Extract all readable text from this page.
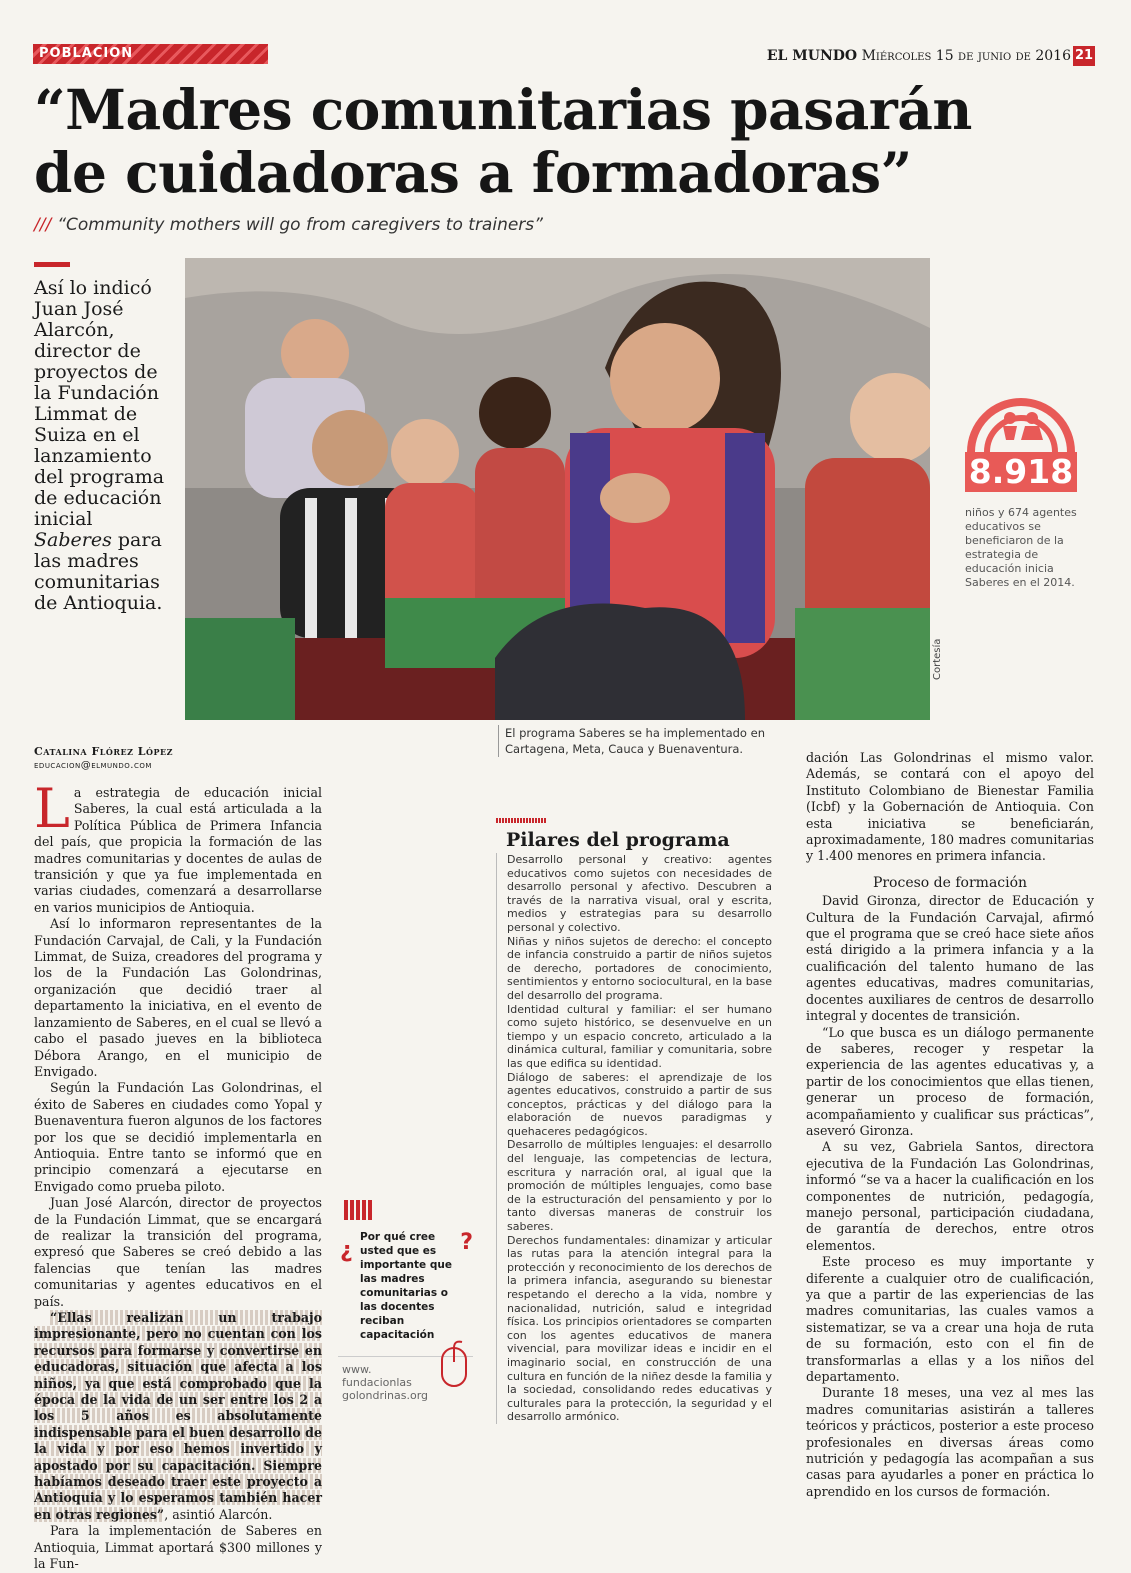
POBLACION	EL MUNDO Miércoles 15 de junio de 2016 21
“Madres comunitarias pasarán
de cuidadoras a formadoras”
/// “Community mothers will go from caregivers to trainers”
Así lo indicó Juan José Alarcón, director de proyectos de la Fundación Limmat de Suiza en el lanzamiento del programa de educación inicial Saberes para las madres comunitarias de Antioquia.
Cortesía
El programa Saberes se ha implementado en Cartagena, Meta, Cauca y Buenaventura.
8.918
niños y 674 agentes educativos se beneficiaron de la estrategia de educación inicia Saberes en el 2014.
Catalina Flórez López
educacion@elmundo.com

La estrategia de educación inicial Saberes, la cual está articulada a la Política Pública de Primera Infancia del país, que propicia la formación de las madres comunitarias y docentes de aulas de transición y que ya fue implementada en varias ciudades, comenzará a desarrollarse en varios municipios de Antioquia.

Así lo informaron representantes de la Fundación Carvajal, de Cali, y la Fundación Limmat, de Suiza, creadores del programa y los de la Fundación Las Golondrinas, organización que decidió traer al departamento la iniciativa, en el evento de lanzamiento de Saberes, en el cual se llevó a cabo el pasado jueves en la biblioteca Débora Arango, en el municipio de Envigado.

Según la Fundación Las Golondrinas, el éxito de Saberes en ciudades como Yopal y Buenaventura fueron algunos de los factores por los que se decidió implementarla en Antioquia. Entre tanto se informó que en principio comenzará a ejecutarse en Envigado como prueba piloto.

Juan José Alarcón, director de proyectos de la Fundación Limmat, que se encargará de realizar la transición del programa, expresó que Saberes se creó debido a las falencias que tenían las madres comunitarias y agentes educativos en el país.

“Ellas realizan un trabajo impresionante, pero no cuentan con los recursos para formarse y convertirse en educadoras, situación que afecta a los niños, ya que está comprobado que la época de la vida de un ser entre los 2 a los 5 años es absolutamente indispensable para el buen desarrollo de la vida y por eso hemos invertido y apostado por su capacitación. Siempre habíamos deseado traer este proyecto a Antioquia y lo esperamos también hacer en otras regiones”, asintió Alarcón.

Para la implementación de Saberes en Antioquia, Limmat aportará $300 millones y la Fun-

Pilares del programa

Desarrollo personal y creativo: agentes educativos como sujetos con necesidades de desarrollo personal y afectivo. Descubren a través de la narrativa visual, oral y escrita, medios y estrategias para su desarrollo personal y colectivo.

Niñas y niños sujetos de derecho: el concepto de infancia construido a partir de niños sujetos de derecho, portadores de conocimiento, sentimientos y entorno sociocultural, en la base del desarrollo del programa.

Identidad cultural y familiar: el ser humano como sujeto histórico, se desenvuelve en un tiempo y un espacio concreto, articulado a la dinámica cultural, familiar y comunitaria, sobre las que edifica su identidad.

Diálogo de saberes: el aprendizaje de los agentes educativos, construido a partir de sus conceptos, prácticas y del diálogo para la elaboración de nuevos paradigmas y quehaceres pedagógicos.

Desarrollo de múltiples lenguajes: el desarrollo del lenguaje, las competencias de lectura, escritura y narración oral, al igual que la promoción de múltiples lenguajes, como base de la estructuración del pensamiento y por lo tanto diversas maneras de construir los saberes.

Derechos fundamentales: dinamizar y articular las rutas para la atención integral para la protección y reconocimiento de los derechos de la primera infancia, asegurando su bienestar respetando el derecho a la vida, nombre y nacionalidad, nutrición, salud e integridad física. Los principios orientadores se comparten con los agentes educativos de manera vivencial, para movilizar ideas e incidir en el imaginario social, en construcción de una cultura en función de la niñez desde la familia y la sociedad, consolidando redes educativas y culturales para la protección, la seguridad y el desarrollo armónico.

¿
Por qué cree usted que es importante que las madres comunitarias o las docentes reciban capacitación
?
www.
fundacionlas
golondrinas.org

dación Las Golondrinas el mismo valor. Además, se contará con el apoyo del Instituto Colombiano de Bienestar Familia (Icbf) y la Gobernación de Antioquia. Con esta iniciativa se beneficiarán, aproximadamente, 180 madres comunitarias y 1.400 menores en primera infancia.

Proceso de formación

David Gironza, director de Educación y Cultura de la Fundación Carvajal, afirmó que el programa que se creó hace siete años está dirigido a la primera infancia y a la cualificación del talento humano de las agentes educativas, madres comunitarias, docentes auxiliares de centros de desarrollo integral y docentes de transición.

“Lo que busca es un diálogo permanente de saberes, recoger y respetar la experiencia de las agentes educativas y, a partir de los conocimientos que ellas tienen, generar un proceso de formación, acompañamiento y cualificar sus prácticas”, aseveró Gironza.

A su vez, Gabriela Santos, directora ejecutiva de la Fundación Las Golondrinas, informó “se va a hacer la cualificación en los componentes de nutrición, pedagogía, manejo personal, participación ciudadana, de garantía de derechos, entre otros elementos.

Este proceso es muy importante y diferente a cualquier otro de cualificación, ya que a partir de las experiencias de las madres comunitarias, las cuales vamos a sistematizar, se va a crear una hoja de ruta de su formación, esto con el fin de transformarlas a ellas y a los niños del departamento.

Durante 18 meses, una vez al mes las madres comunitarias asistirán a talleres teóricos y prácticos, posterior a este proceso profesionales en diversas áreas como nutrición y pedagogía las acompañan a sus casas para ayudarles a poner en práctica lo aprendido en los cursos de formación.
